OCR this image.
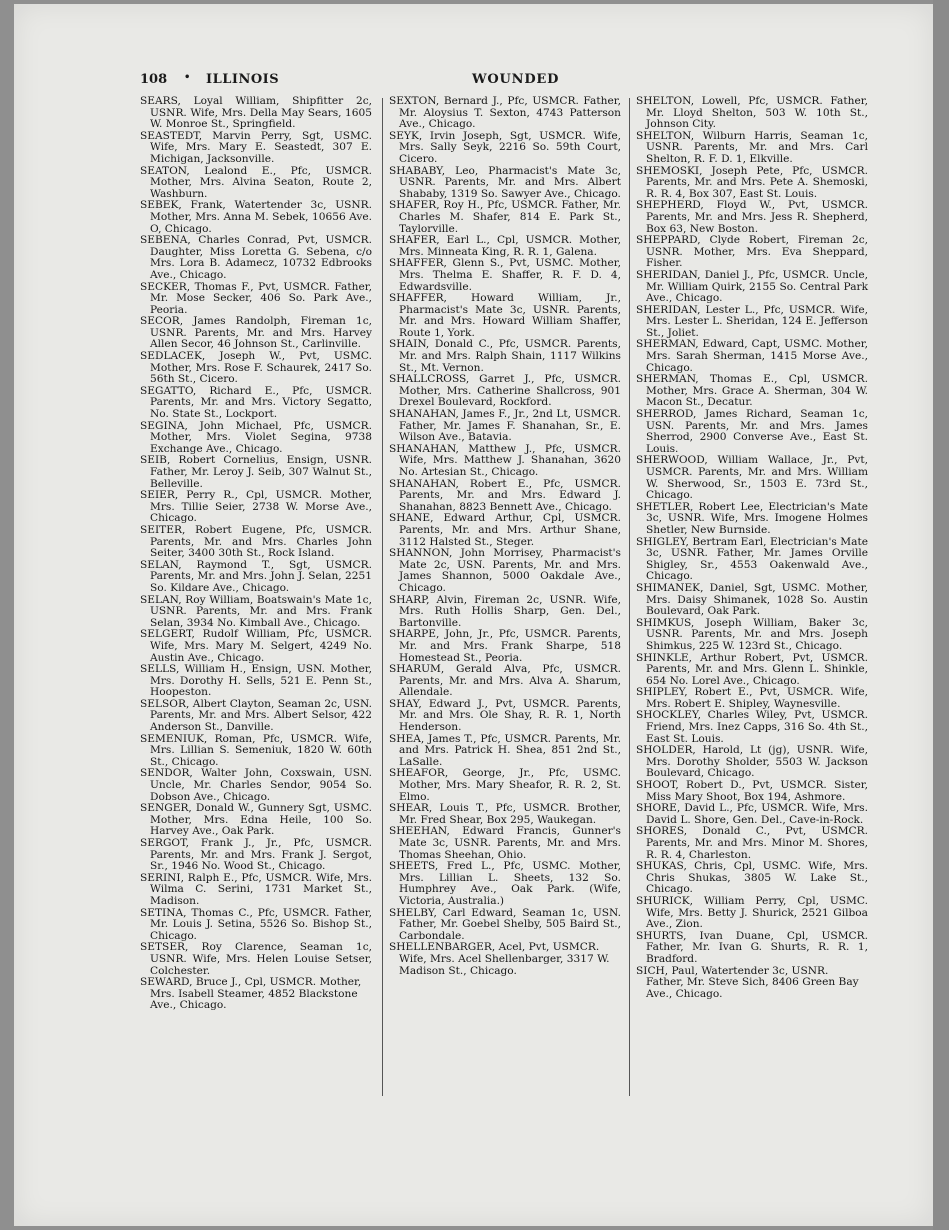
108 • ILLINOIS	WOUNDED

SEARS, Loyal William, Shipfitter 2c, USNR. Wife, Mrs. Della May Sears, 1605 W. Monroe St., Springfield.

SEASTEDT, Marvin Perry, Sgt, USMC. Wife, Mrs. Mary E. Seastedt, 307 E. Michigan, Jacksonville.

SEATON, Lealond E., Pfc, USMCR. Mother, Mrs. Alvina Seaton, Route 2, Washburn.

SEBEK, Frank, Watertender 3c, USNR. Mother, Mrs. Anna M. Sebek, 10656 Ave. O, Chicago.

SEBENA, Charles Conrad, Pvt, USMCR. Daughter, Miss Loretta G. Sebena, c/o Mrs. Lora B. Adamecz, 10732 Edbrooks Ave., Chicago.

SECKER, Thomas F., Pvt, USMCR. Father, Mr. Mose Secker, 406 So. Park Ave., Peoria.

SECOR, James Randolph, Fireman 1c, USNR. Parents, Mr. and Mrs. Harvey Allen Secor, 46 Johnson St., Carlinville.

SEDLACEK, Joseph W., Pvt, USMC. Mother, Mrs. Rose F. Schaurek, 2417 So. 56th St., Cicero.

SEGATTO, Richard E., Pfc, USMCR. Parents, Mr. and Mrs. Victory Segatto, No. State St., Lockport.

SEGINA, John Michael, Pfc, USMCR. Mother, Mrs. Violet Segina, 9738 Exchange Ave., Chicago.

SEIB, Robert Cornelius, Ensign, USNR. Father, Mr. Leroy J. Seib, 307 Walnut St., Belleville.

SEIER, Perry R., Cpl, USMCR. Mother, Mrs. Tillie Seier, 2738 W. Morse Ave., Chicago.

SEITER, Robert Eugene, Pfc, USMCR. Parents, Mr. and Mrs. Charles John Seiter, 3400 30th St., Rock Island.

SELAN, Raymond T., Sgt, USMCR. Parents, Mr. and Mrs. John J. Selan, 2251 So. Kildare Ave., Chicago.

SELAN, Roy William, Boatswain's Mate 1c, USNR. Parents, Mr. and Mrs. Frank Selan, 3934 No. Kimball Ave., Chicago.

SELGERT, Rudolf William, Pfc, USMCR. Wife, Mrs. Mary M. Selgert, 4249 No. Austin Ave., Chicago.

SELLS, William H., Ensign, USN. Mother, Mrs. Dorothy H. Sells, 521 E. Penn St., Hoopeston.

SELSOR, Albert Clayton, Seaman 2c, USN. Parents, Mr. and Mrs. Albert Selsor, 422 Anderson St., Danville.

SEMENIUK, Roman, Pfc, USMCR. Wife, Mrs. Lillian S. Semeniuk, 1820 W. 60th St., Chicago.

SENDOR, Walter John, Coxswain, USN. Uncle, Mr. Charles Sendor, 9054 So. Dobson Ave., Chicago.

SENGER, Donald W., Gunnery Sgt, USMC. Mother, Mrs. Edna Heile, 100 So. Harvey Ave., Oak Park.

SERGOT, Frank J., Jr., Pfc, USMCR. Parents, Mr. and Mrs. Frank J. Sergot, Sr., 1946 No. Wood St., Chicago.

SERINI, Ralph E., Pfc, USMCR. Wife, Mrs. Wilma C. Serini, 1731 Market St., Madison.

SETINA, Thomas C., Pfc, USMCR. Father, Mr. Louis J. Setina, 5526 So. Bishop St., Chicago.

SETSER, Roy Clarence, Seaman 1c, USNR. Wife, Mrs. Helen Louise Setser, Colchester.

SEWARD, Bruce J., Cpl, USMCR. Mother, Mrs. Isabell Steamer, 4852 Blackstone Ave., Chicago.

SEXTON, Bernard J., Pfc, USMCR. Father, Mr. Aloysius T. Sexton, 4743 Patterson Ave., Chicago.

SEYK, Irvin Joseph, Sgt, USMCR. Wife, Mrs. Sally Seyk, 2216 So. 59th Court, Cicero.

SHABABY, Leo, Pharmacist's Mate 3c, USNR. Parents, Mr. and Mrs. Albert Shababy, 1319 So. Sawyer Ave., Chicago.

SHAFER, Roy H., Pfc, USMCR. Father, Mr. Charles M. Shafer, 814 E. Park St., Taylorville.

SHAFER, Earl L., Cpl, USMCR. Mother, Mrs. Minneata King, R. R. 1, Galena.

SHAFFER, Glenn S., Pvt, USMC. Mother, Mrs. Thelma E. Shaffer, R. F. D. 4, Edwardsville.

SHAFFER, Howard William, Jr., Pharmacist's Mate 3c, USNR. Parents, Mr. and Mrs. Howard William Shaffer, Route 1, York.

SHAIN, Donald C., Pfc, USMCR. Parents, Mr. and Mrs. Ralph Shain, 1117 Wilkins St., Mt. Vernon.

SHALLCROSS, Garret J., Pfc, USMCR. Mother, Mrs. Catherine Shallcross, 901 Drexel Boulevard, Rockford.

SHANAHAN, James F., Jr., 2nd Lt, USMCR. Father, Mr. James F. Shanahan, Sr., E. Wilson Ave., Batavia.

SHANAHAN, Matthew J., Pfc, USMCR. Wife, Mrs. Matthew J. Shanahan, 3620 No. Artesian St., Chicago.

SHANAHAN, Robert E., Pfc, USMCR. Parents, Mr. and Mrs. Edward J. Shanahan, 8823 Bennett Ave., Chicago.

SHANE, Edward Arthur, Cpl, USMCR. Parents, Mr. and Mrs. Arthur Shane, 3112 Halsted St., Steger.

SHANNON, John Morrisey, Pharmacist's Mate 2c, USN. Parents, Mr. and Mrs. James Shannon, 5000 Oakdale Ave., Chicago.

SHARP, Alvin, Fireman 2c, USNR. Wife, Mrs. Ruth Hollis Sharp, Gen. Del., Bartonville.

SHARPE, John, Jr., Pfc, USMCR. Parents, Mr. and Mrs. Frank Sharpe, 518 Homestead St., Peoria.

SHARUM, Gerald Alva, Pfc, USMCR. Parents, Mr. and Mrs. Alva A. Sharum, Allendale.

SHAY, Edward J., Pvt, USMCR. Parents, Mr. and Mrs. Ole Shay, R. R. 1, North Henderson.

SHEA, James T., Pfc, USMCR. Parents, Mr. and Mrs. Patrick H. Shea, 851 2nd St., LaSalle.

SHEAFOR, George, Jr., Pfc, USMC. Mother, Mrs. Mary Sheafor, R. R. 2, St. Elmo.

SHEAR, Louis T., Pfc, USMCR. Brother, Mr. Fred Shear, Box 295, Waukegan.

SHEEHAN, Edward Francis, Gunner's Mate 3c, USNR. Parents, Mr. and Mrs. Thomas Sheehan, Ohio.

SHEETS, Fred L., Pfc, USMC. Mother, Mrs. Lillian L. Sheets, 132 So. Humphrey Ave., Oak Park. (Wife, Victoria, Australia.)

SHELBY, Carl Edward, Seaman 1c, USN. Father, Mr. Goebel Shelby, 505 Baird St., Carbondale.

SHELLENBARGER, Acel, Pvt, USMCR. Wife, Mrs. Acel Shellenbarger, 3317 W. Madison St., Chicago.

SHELTON, Lowell, Pfc, USMCR. Father, Mr. Lloyd Shelton, 503 W. 10th St., Johnson City.

SHELTON, Wilburn Harris, Seaman 1c, USNR. Parents, Mr. and Mrs. Carl Shelton, R. F. D. 1, Elkville.

SHEMOSKI, Joseph Pete, Pfc, USMCR. Parents, Mr. and Mrs. Pete A. Shemoski, R. R. 4, Box 307, East St. Louis.

SHEPHERD, Floyd W., Pvt, USMCR. Parents, Mr. and Mrs. Jess R. Shepherd, Box 63, New Boston.

SHEPPARD, Clyde Robert, Fireman 2c, USNR. Mother, Mrs. Eva Sheppard, Fisher.

SHERIDAN, Daniel J., Pfc, USMCR. Uncle, Mr. William Quirk, 2155 So. Central Park Ave., Chicago.

SHERIDAN, Lester L., Pfc, USMCR. Wife, Mrs. Lester L. Sheridan, 124 E. Jefferson St., Joliet.

SHERMAN, Edward, Capt, USMC. Mother, Mrs. Sarah Sherman, 1415 Morse Ave., Chicago.

SHERMAN, Thomas E., Cpl, USMCR. Mother, Mrs. Grace A. Sherman, 304 W. Macon St., Decatur.

SHERROD, James Richard, Seaman 1c, USN. Parents, Mr. and Mrs. James Sherrod, 2900 Converse Ave., East St. Louis.

SHERWOOD, William Wallace, Jr., Pvt, USMCR. Parents, Mr. and Mrs. William W. Sherwood, Sr., 1503 E. 73rd St., Chicago.

SHETLER, Robert Lee, Electrician's Mate 3c, USNR. Wife, Mrs. Imogene Holmes Shetler, New Burnside.

SHIGLEY, Bertram Earl, Electrician's Mate 3c, USNR. Father, Mr. James Orville Shigley, Sr., 4553 Oakenwald Ave., Chicago.

SHIMANEK, Daniel, Sgt, USMC. Mother, Mrs. Daisy Shimanek, 1028 So. Austin Boulevard, Oak Park.

SHIMKUS, Joseph William, Baker 3c, USNR. Parents, Mr. and Mrs. Joseph Shimkus, 225 W. 123rd St., Chicago.

SHINKLE, Arthur Robert, Pvt, USMCR. Parents, Mr. and Mrs. Glenn L. Shinkle, 654 No. Lorel Ave., Chicago.

SHIPLEY, Robert E., Pvt, USMCR. Wife, Mrs. Robert E. Shipley, Waynesville.

SHOCKLEY, Charles Wiley, Pvt, USMCR. Friend, Mrs. Inez Capps, 316 So. 4th St., East St. Louis.

SHOLDER, Harold, Lt (jg), USNR. Wife, Mrs. Dorothy Sholder, 5503 W. Jackson Boulevard, Chicago.

SHOOT, Robert D., Pvt, USMCR. Sister, Miss Mary Shoot, Box 194, Ashmore.

SHORE, David L., Pfc, USMCR. Wife, Mrs. David L. Shore, Gen. Del., Cave-in-Rock.

SHORES, Donald C., Pvt, USMCR. Parents, Mr. and Mrs. Minor M. Shores, R. R. 4, Charleston.

SHUKAS, Chris, Cpl, USMC. Wife, Mrs. Chris Shukas, 3805 W. Lake St., Chicago.

SHURICK, William Perry, Cpl, USMC. Wife, Mrs. Betty J. Shurick, 2521 Gilboa Ave., Zion.

SHURTS, Ivan Duane, Cpl, USMCR. Father, Mr. Ivan G. Shurts, R. R. 1, Bradford.

SICH, Paul, Watertender 3c, USNR. Father, Mr. Steve Sich, 8406 Green Bay Ave., Chicago.
